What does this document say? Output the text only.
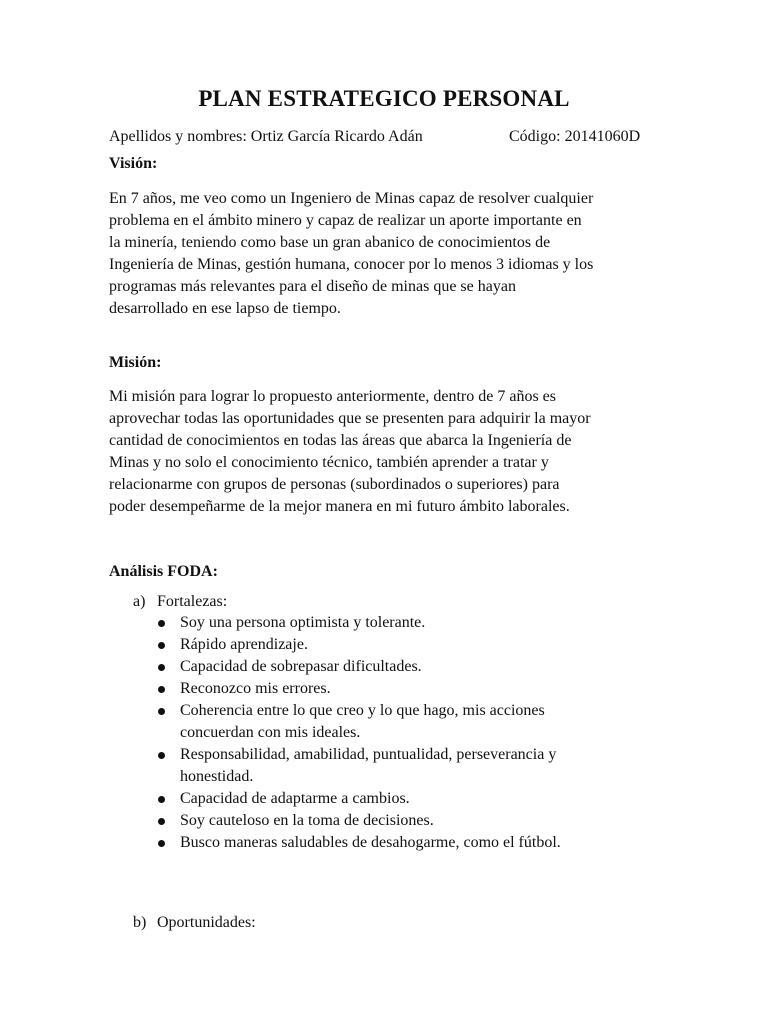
PLAN ESTRATEGICO PERSONAL
Apellidos y nombres: Ortiz García Ricardo Adán	Código: 20141060D
Visión:

En 7 años, me veo como un Ingeniero de Minas capaz de resolver cualquier
problema en el ámbito minero y capaz de realizar un aporte importante en
la minería, teniendo como base un gran abanico de conocimientos de
Ingeniería de Minas, gestión humana, conocer por lo menos 3 idiomas y los
programas más relevantes para el diseño de minas que se hayan
desarrollado en ese lapso de tiempo.

Misión:

Mi misión para lograr lo propuesto anteriormente, dentro de 7 años es
aprovechar todas las oportunidades que se presenten para adquirir la mayor
cantidad de conocimientos en todas las áreas que abarca la Ingeniería de
Minas y no solo el conocimiento técnico, también aprender a tratar y
relacionarme con grupos de personas (subordinados o superiores) para
poder desempeñarme de la mejor manera en mi futuro ámbito laborales.

Análisis FODA:
a) Fortalezas:
Soy una persona optimista y tolerante.
Rápido aprendizaje.
Capacidad de sobrepasar dificultades.
Reconozco mis errores.
Coherencia entre lo que creo y lo que hago, mis acciones
concuerdan con mis ideales.
Responsabilidad, amabilidad, puntualidad, perseverancia y
honestidad.
Capacidad de adaptarme a cambios.
Soy cauteloso en la toma de decisiones.
Busco maneras saludables de desahogarme, como el fútbol.
b) Oportunidades:
